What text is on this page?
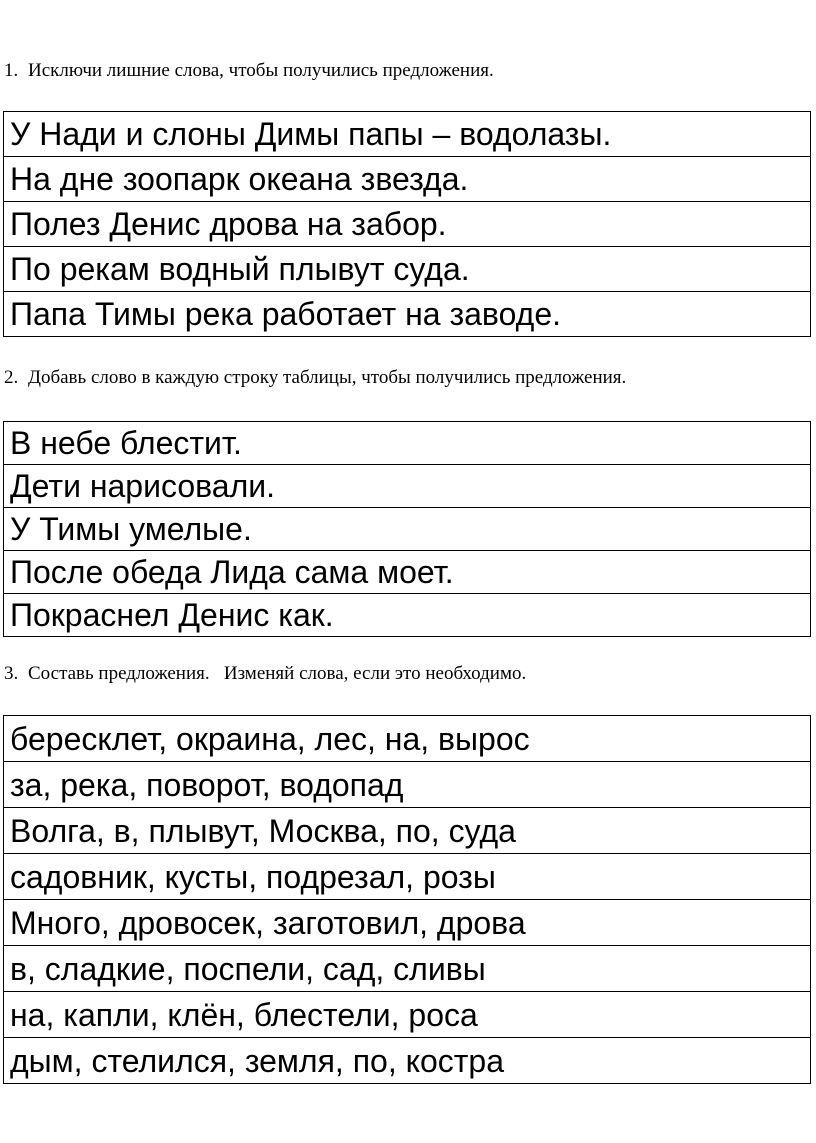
1. Исключи лишние слова, чтобы получились предложения.
У Нади и слоны Димы папы – водолазы.
На дне зоопарк океана звезда.
Полез Денис дрова на забор.
По рекам водный плывут суда.
Папа Тимы река работает на заводе.
2. Добавь слово в каждую строку таблицы, чтобы получились предложения.
В небе блестит.
Дети нарисовали.
У Тимы умелые.
После обеда Лида сама моет.
Покраснел Денис как.
3. Составь предложения.   Изменяй слова, если это необходимо.
бересклет, окраина, лес, на, вырос
за, река, поворот, водопад
Волга, в, плывут, Москва, по, суда
садовник, кусты, подрезал, розы
Много, дровосек, заготовил, дрова
в, сладкие, поспели, сад, сливы
на, капли, клён, блестели, роса
дым, стелился, земля, по, костра
